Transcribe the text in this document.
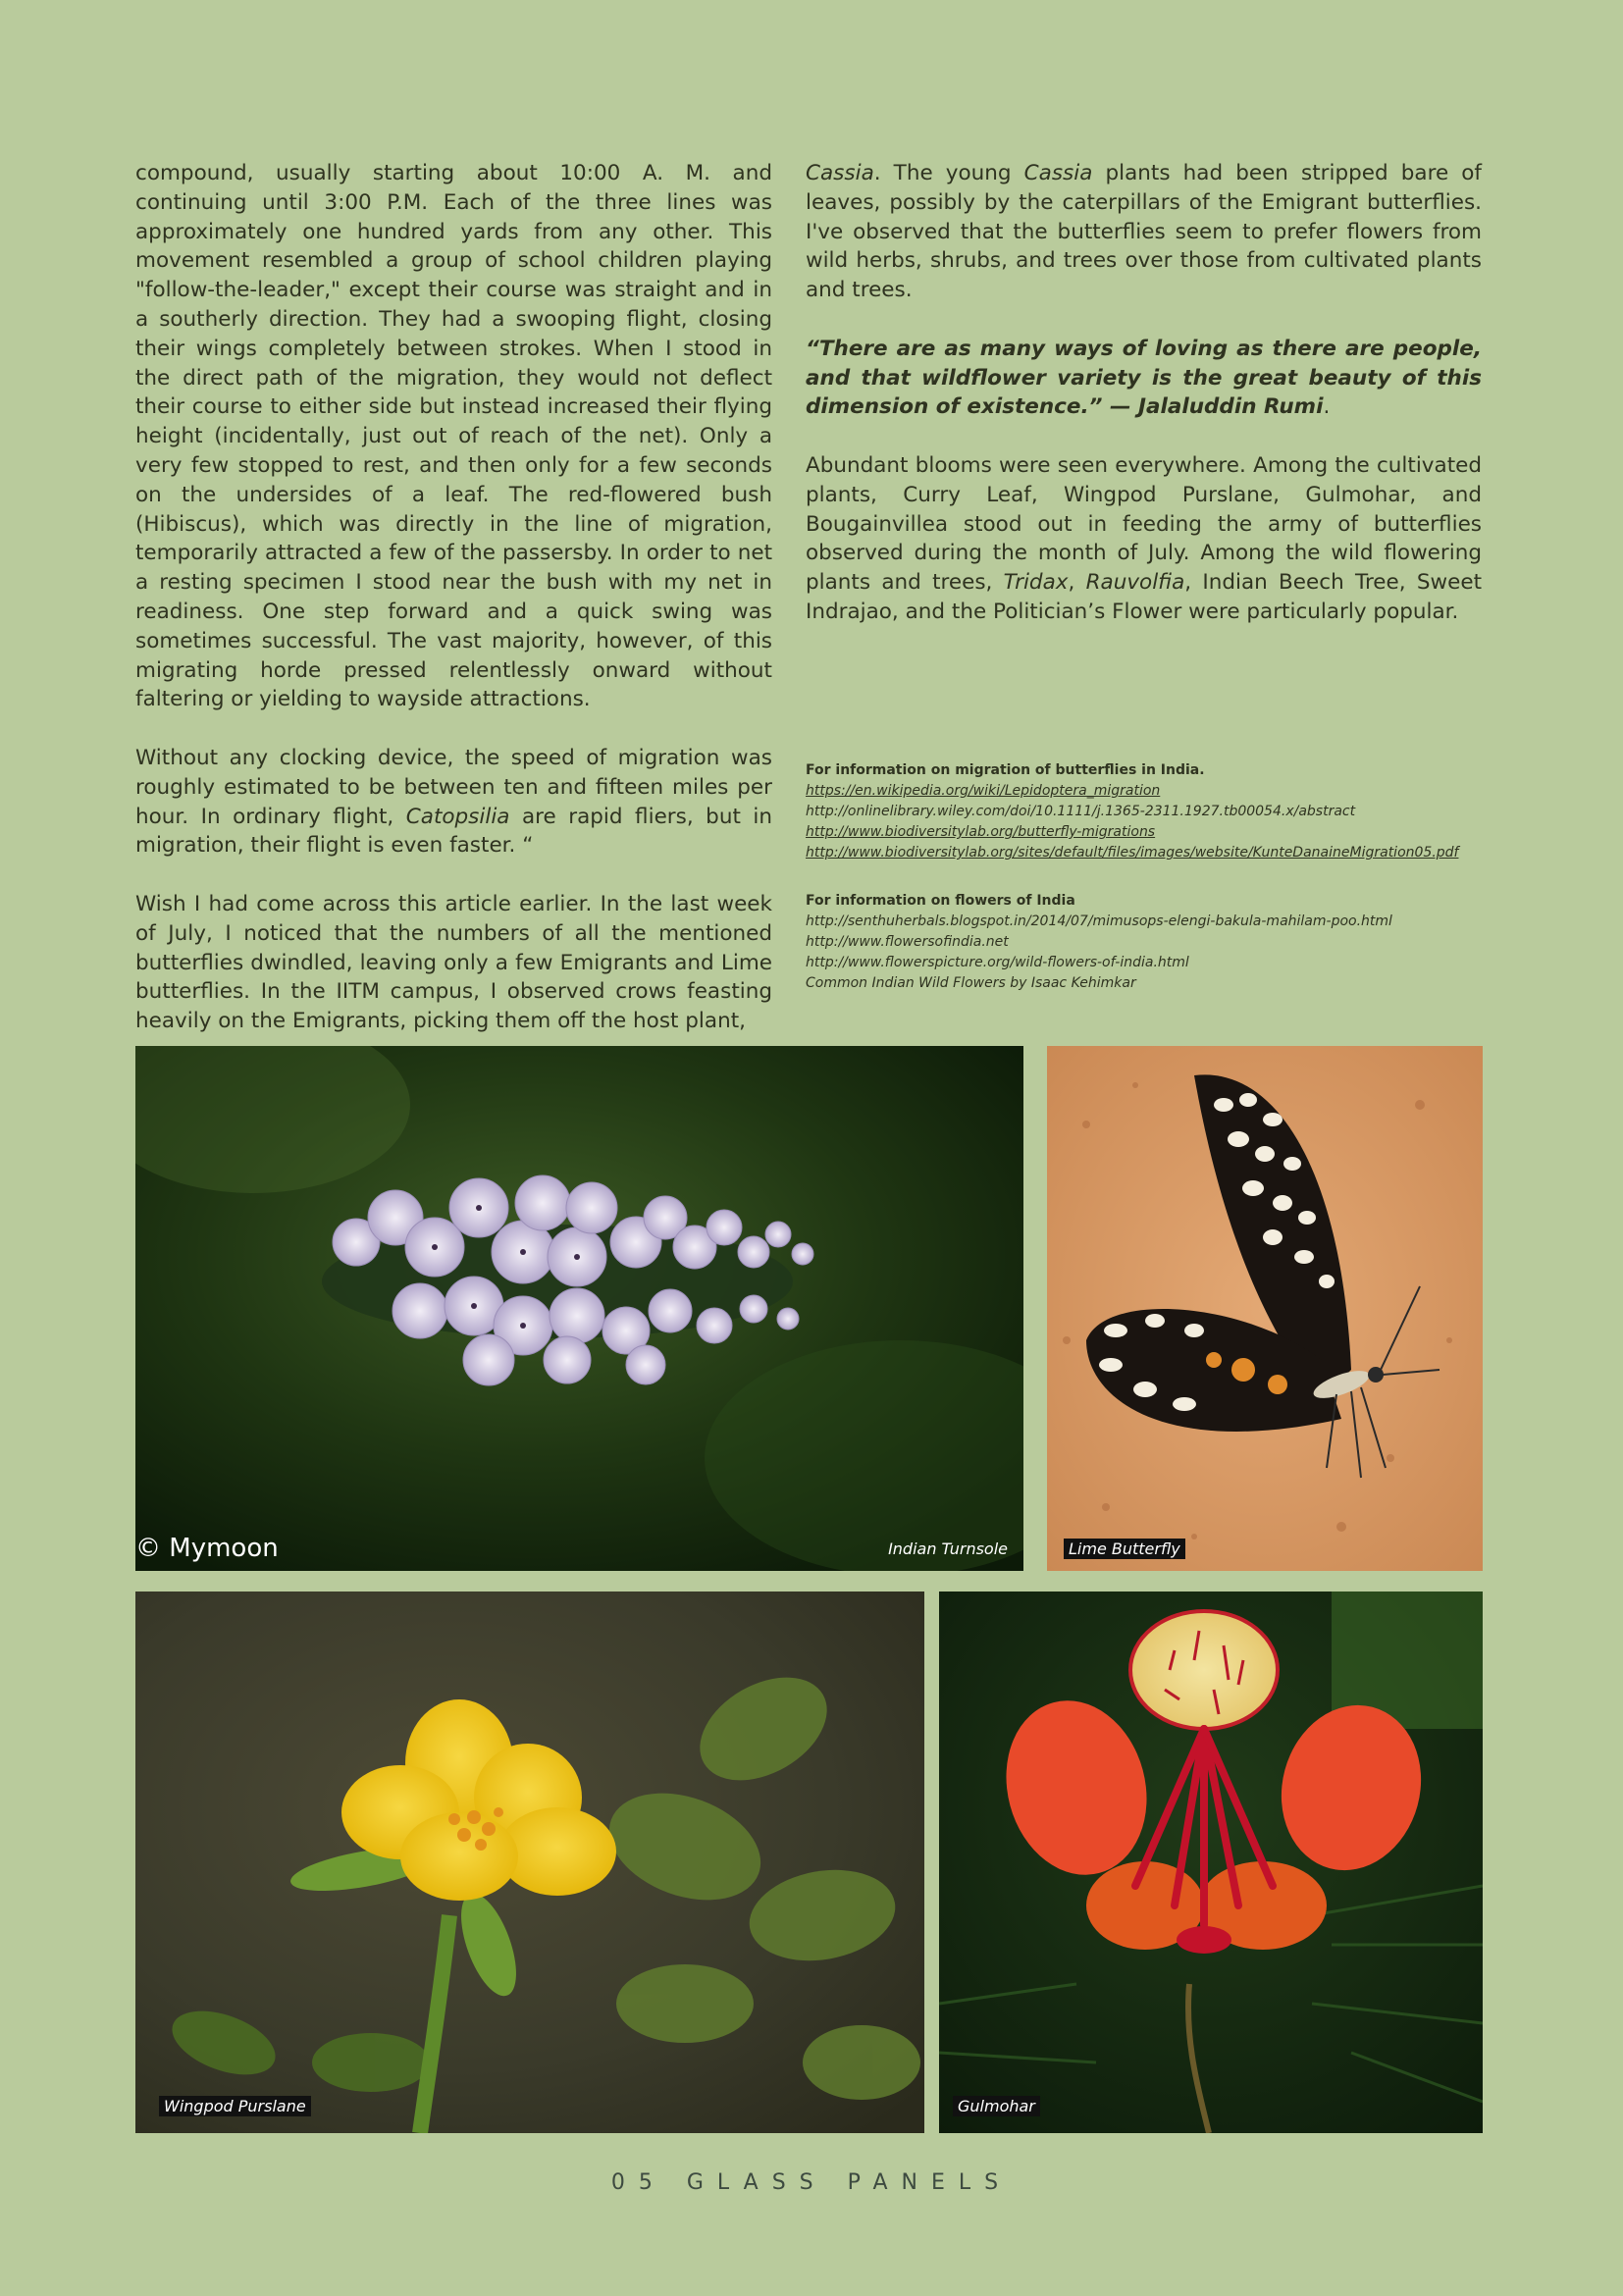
compound, usually starting about 10:00 A. M. and continuing until 3:00 P.M. Each of the three lines was approximately one hundred yards from any other. This movement resembled a group of school children playing "follow-the-leader," except their course was straight and in a southerly direction. They had a swooping flight, closing their wings completely between strokes. When I stood in the direct path of the migration, they would not deflect their course to either side but instead increased their flying height (incidentally, just out of reach of the net). Only a very few stopped to rest, and then only for a few seconds on the undersides of a leaf. The red-flowered bush (Hibiscus), which was directly in the line of migration, temporarily attracted a few of the passersby. In order to net a resting specimen I stood near the bush with my net in readiness. One step forward and a quick swing was sometimes successful. The vast majority, however, of this migrating horde pressed relentlessly onward without faltering or yielding to wayside attractions.

Without any clocking device, the speed of migration was roughly estimated to be between ten and fifteen miles per hour. In ordinary flight, Catopsilia are rapid fliers, but in migration, their flight is even faster. “

Wish I had come across this article earlier. In the last week of July, I noticed that the numbers of all the mentioned butterflies dwindled, leaving only a few Emigrants and Lime butterflies. In the IITM campus, I observed crows feasting heavily on the Emigrants, picking them off the host plant,

Cassia. The young Cassia plants had been stripped bare of leaves, possibly by the caterpillars of the Emigrant butterflies. I've observed that the butterflies seem to prefer flowers from wild herbs, shrubs, and trees over those from cultivated plants and trees.

“There are as many ways of loving as there are people, and that wildflower variety is the great beauty of this dimension of existence.” — Jalaluddin Rumi.

Abundant blooms were seen everywhere. Among the cultivated plants, Curry Leaf, Wingpod Purslane, Gulmohar, and Bougainvillea stood out in feeding the army of butterflies observed during the month of July. Among the wild flowering plants and trees, Tridax, Rauvolfia, Indian Beech Tree, Sweet Indrajao, and the Politician’s Flower were particularly popular.

For information on migration of butterflies in India.
https://en.wikipedia.org/wiki/Lepidoptera_migration
http://onlinelibrary.wiley.com/doi/10.1111/j.1365-2311.1927.tb00054.x/abstract
http://www.biodiversitylab.org/butterfly-migrations
http://www.biodiversitylab.org/sites/default/files/images/website/KunteDanaineMigration05.pdf
For information on flowers of India
http://senthuherbals.blogspot.in/2014/07/mimusops-elengi-bakula-mahilam-poo.html
http://www.flowersofindia.net
http://www.flowerspicture.org/wild-flowers-of-india.html
Common Indian Wild Flowers by Isaac Kehimkar
© Mymoon	Indian Turnsole	Lime Butterfly
Wingpod Purslane	Gulmohar
05 GLASS PANELS
